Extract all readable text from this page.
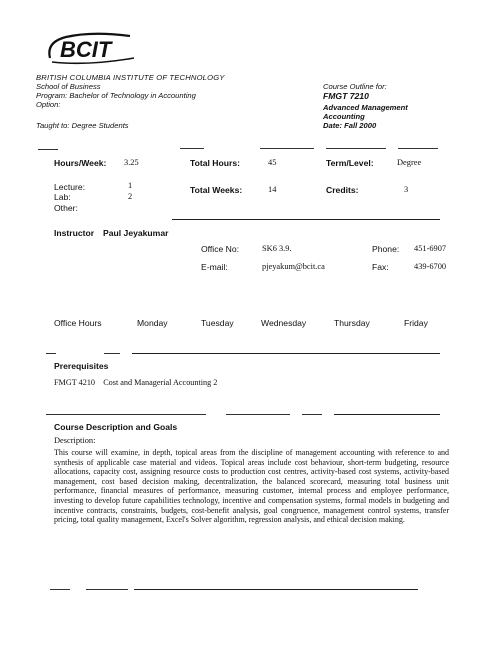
BCIT
BRITISH COLUMBIA INSTITUTE OF TECHNOLOGY
School of Business
Program: Bachelor of Technology in Accounting
Option:
Taught to: Degree Students
Course Outline for:
FMGT 7210
Advanced Management
Accounting
Date: Fall 2000
Hours/Week: 3.25	Total Hours:	45	Term/Level:	Degree
Lecture:	1
Lab:	2
Other:
Total Weeks:	14	Credits:	3
Instructor Paul Jeyakumar
Office No:	SK6 3.9.	Phone: 451-6907
E-mail:	pjeyakum@bcit.ca	Fax:	439-6700
Office Hours	Monday	Tuesday	Wednesday	Thursday	Friday
Prerequisites
FMGT 4210    Cost and Managerial Accounting 2
Course Description and Goals
Description:
This course will examine, in depth, topical areas from the discipline of management accounting with reference to and synthesis of applicable case material and videos. Topical areas include cost behaviour, short-term budgeting, resource allocations, capacity cost, assigning resource costs to production cost centres, activity-based cost systems, activity-based management, cost based decision making, decentralization, the balanced scorecard, measuring total business unit performance, financial measures of performance, measuring customer, internal process and employee performance, investing to develop future capabilities technology, incentive and compensation systems, formal models in budgeting and incentive contracts, constraints, budgets, cost-benefit analysis, goal congruence, management control systems, transfer pricing, total quality management, Excel's Solver algorithm, regression analysis, and ethical decision making.
